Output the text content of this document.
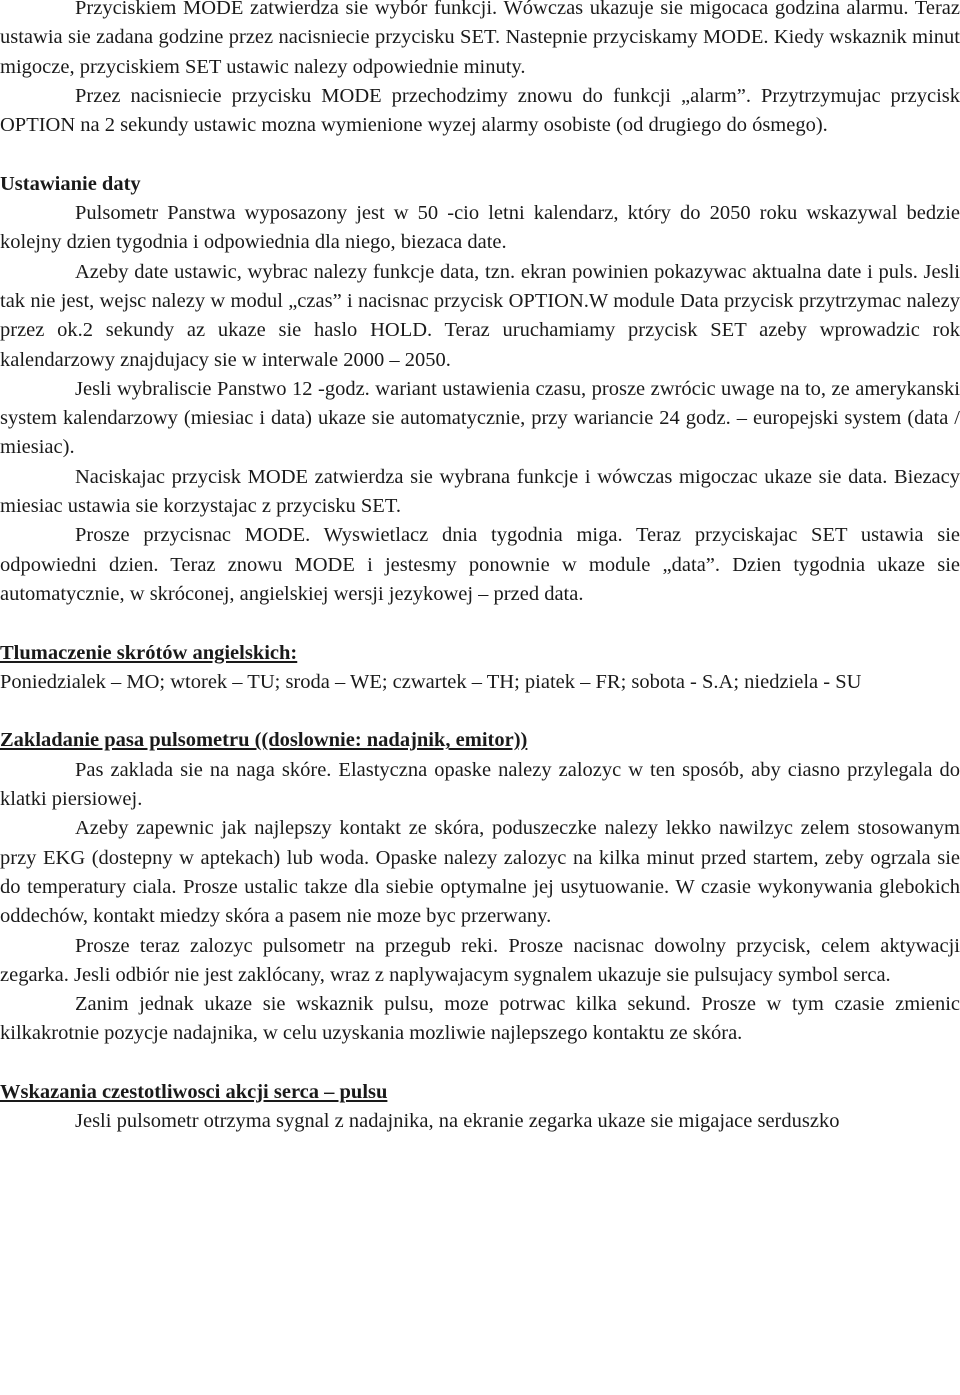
Przyciskiem MODE zatwierdza sie wybór funkcji. Wówczas ukazuje sie migocaca godzina alarmu. Teraz ustawia sie zadana godzine przez nacisniecie przycisku SET. Nastepnie przyciskamy MODE. Kiedy wskaznik minut migocze, przyciskiem SET ustawic nalezy odpowiednie minuty.

Przez nacisniecie przycisku MODE przechodzimy znowu do funkcji „alarm”. Przytrzymujac przycisk OPTION na 2 sekundy ustawic mozna wymienione wyzej alarmy osobiste (od drugiego do ósmego).

Ustawianie daty

Pulsometr Panstwa wyposazony jest w 50 -cio letni kalendarz, który do 2050 roku wskazywal bedzie kolejny dzien tygodnia i odpowiednia dla niego, biezaca date.

Azeby date ustawic, wybrac nalezy funkcje data, tzn. ekran powinien pokazywac aktualna date i puls. Jesli tak nie jest, wejsc nalezy w modul „czas” i nacisnac przycisk OPTION.W module Data przycisk przytrzymac nalezy przez ok.2 sekundy az ukaze sie haslo HOLD. Teraz uruchamiamy przycisk SET azeby wprowadzic rok kalendarzowy znajdujacy sie w interwale 2000 – 2050.

Jesli wybraliscie Panstwo 12 -godz. wariant ustawienia czasu, prosze zwrócic uwage na to, ze amerykanski system kalendarzowy (miesiac i data) ukaze sie automatycznie, przy wariancie 24 godz. – europejski system (data / miesiac).

Naciskajac przycisk MODE zatwierdza sie wybrana funkcje i wówczas migoczac ukaze sie data. Biezacy miesiac ustawia sie korzystajac z przycisku SET.

Prosze przycisnac MODE. Wyswietlacz dnia tygodnia miga. Teraz przyciskajac SET ustawia sie odpowiedni dzien. Teraz znowu MODE i jestesmy ponownie w module „data”. Dzien tygodnia ukaze sie automatycznie, w skróconej, angielskiej wersji jezykowej – przed data.

Tlumaczenie skrótów angielskich:

Poniedzialek – MO; wtorek – TU; sroda – WE; czwartek – TH; piatek – FR; sobota - S.A; niedziela - SU

Zakladanie pasa pulsometru ((doslownie: nadajnik, emitor))

Pas zaklada sie na naga skóre. Elastyczna opaske nalezy zalozyc w ten sposób, aby ciasno przylegala do klatki piersiowej.

Azeby zapewnic jak najlepszy kontakt ze skóra, poduszeczke nalezy lekko nawilzyc zelem stosowanym przy EKG (dostepny w aptekach) lub woda. Opaske nalezy zalozyc na kilka minut przed startem, zeby ogrzala sie do temperatury ciala. Prosze ustalic takze dla siebie optymalne jej usytuowanie. W czasie wykonywania glebokich oddechów, kontakt miedzy skóra a pasem nie moze byc przerwany.

Prosze teraz zalozyc pulsometr na przegub reki. Prosze nacisnac dowolny przycisk, celem aktywacji zegarka. Jesli odbiór nie jest zaklócany, wraz z naplywajacym sygnalem ukazuje sie pulsujacy symbol serca.

Zanim jednak ukaze sie wskaznik pulsu, moze potrwac kilka sekund. Prosze w tym czasie zmienic kilkakrotnie pozycje nadajnika, w celu uzyskania mozliwie najlepszego kontaktu ze skóra.

Wskazania czestotliwosci akcji serca – pulsu

Jesli pulsometr otrzyma sygnal z nadajnika, na ekranie zegarka ukaze sie migajace serduszko
